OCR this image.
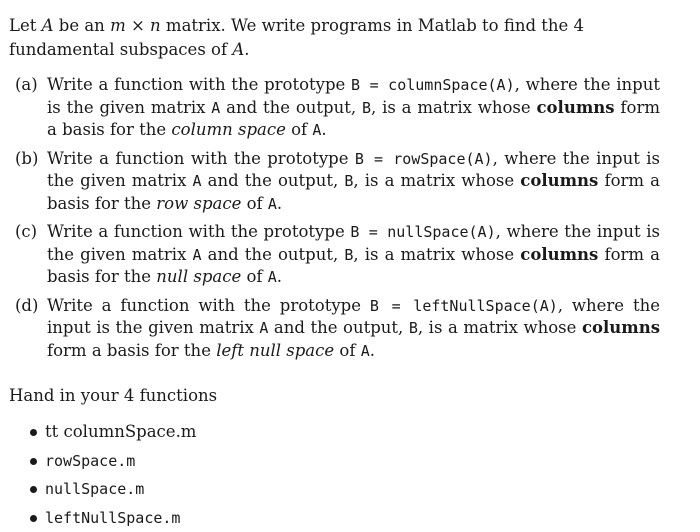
Let A be an m × n matrix. We write programs in Matlab to find the 4 fundamental subspaces of A.

(a) Write a function with the prototype B = columnSpace(A), where the input is the given matrix A and the output, B, is a matrix whose columns form a basis for the column space of A.
(b) Write a function with the prototype B = rowSpace(A), where the input is the given matrix A and the output, B, is a matrix whose columns form a basis for the row space of A.
(c) Write a function with the prototype B = nullSpace(A), where the input is the given matrix A and the output, B, is a matrix whose columns form a basis for the null space of A.
(d) Write a function with the prototype B = leftNullSpace(A), where the input is the given matrix A and the output, B, is a matrix whose columns form a basis for the left null space of A.

Hand in your 4 functions

tt columnSpace.m
rowSpace.m
nullSpace.m
leftNullSpace.m
